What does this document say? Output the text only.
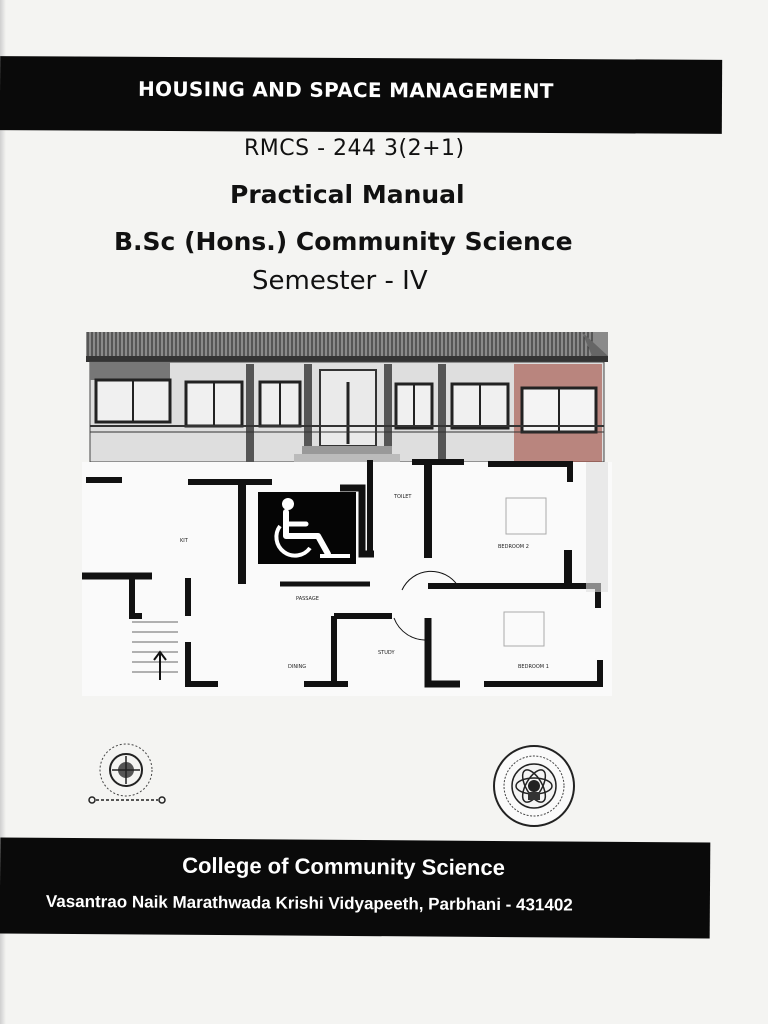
HOUSING AND SPACE MANAGEMENT
RMCS - 244 3(2+1)
Practical Manual
B.Sc (Hons.) Community Science
Semester - IV
TOILET
BEDROOM 2
BEDROOM 1
PASSAGE
STUDY
DINING
KIT
College of Community Science
Vasantrao Naik Marathwada Krishi Vidyapeeth, Parbhani - 431402
